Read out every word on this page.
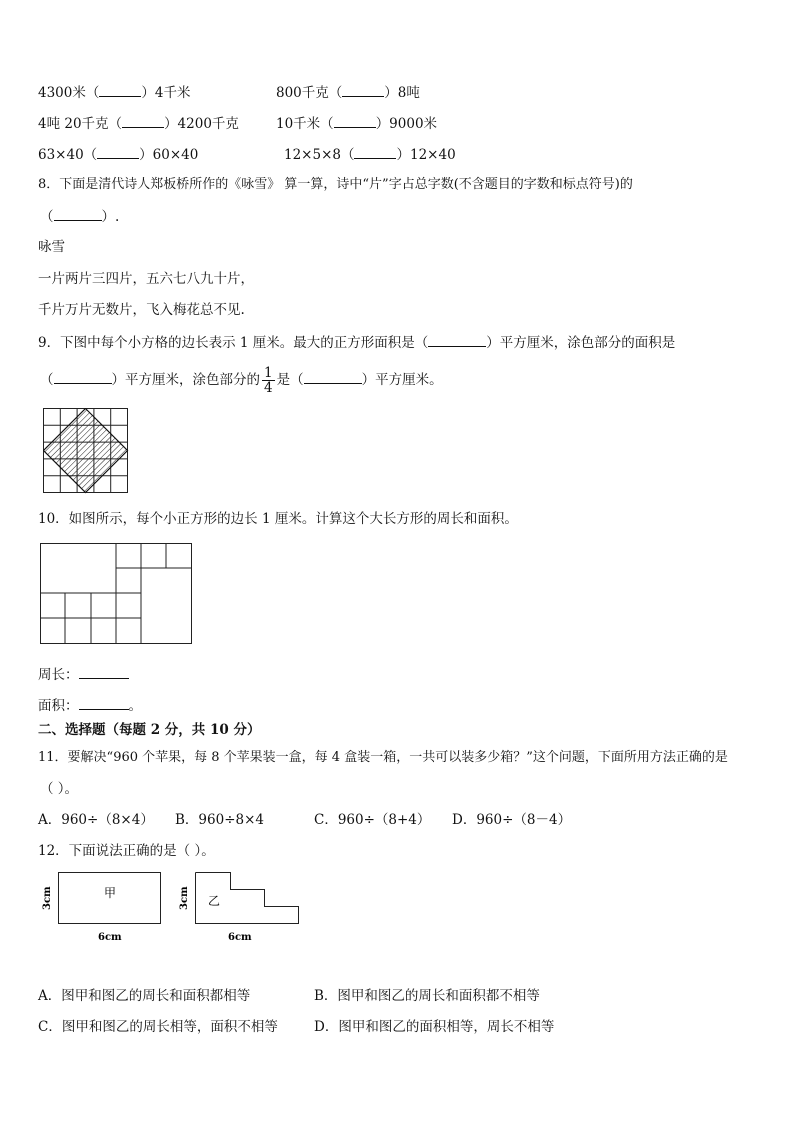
4300米（	）4千米	800千克（	）8吨
4吨 20千克（	）4200千克	10千米（	）9000米
63×40（	）60×40	12×5×8（	）12×40
8．下面是清代诗人郑板桥所作的《咏雪》 算一算，诗中“片”字占总字数(不含题目的字数和标点符号)的
（	）.
咏雪
一片两片三四片，五六七八九十片，
千片万片无数片，飞入梅花总不见.
9．下图中每个小方格的边长表示 1 厘米。最大的正方形面积是（	）平方厘米，涂色部分的面积是
（	）平方厘米，涂色部分的 $\frac{1}{4}$ 是（	）平方厘米。
10．如图所示，每个小正方形的边长 1 厘米。计算这个大长方形的周长和面积。
周长：
面积：	。
二、选择题（每题 2 分，共 10 分）
11．要解决“960 个苹果，每 8 个苹果装一盒，每 4 盒装一箱，一共可以装多少箱？”这个问题，下面所用方法正确的是
（ ）。
A．960÷（8×4） B．960÷8×4	C．960÷（8+4） D．960÷（8－4）
12．下面说法正确的是（ ）。
甲
3cm
6cm
乙
3cm
6cm
A．图甲和图乙的周长和面积都相等	B．图甲和图乙的周长和面积都不相等
C．图甲和图乙的周长相等，面积不相等	D．图甲和图乙的面积相等，周长不相等
